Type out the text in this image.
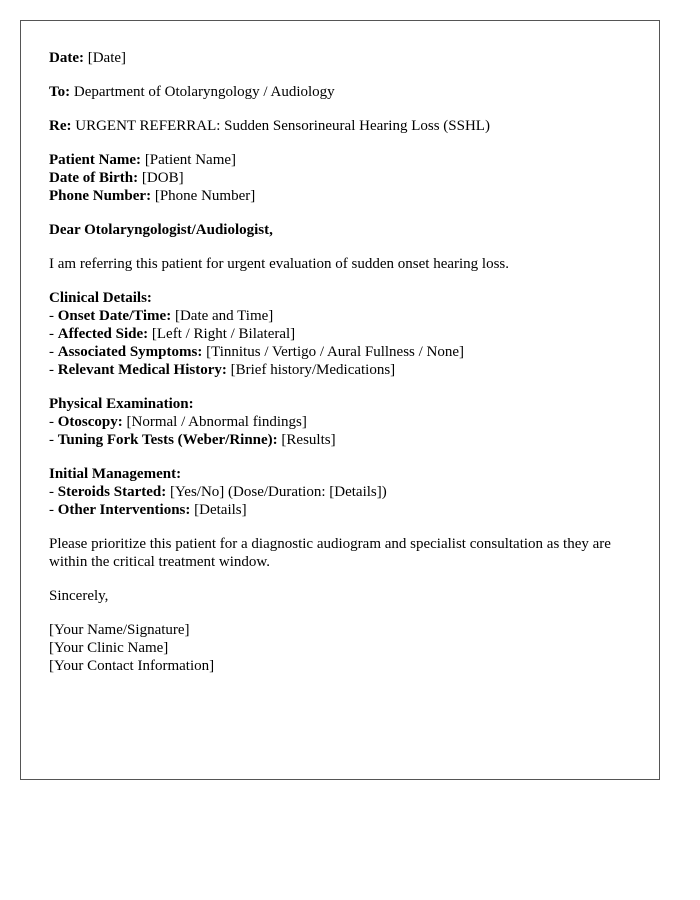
Date: [Date]

To: Department of Otolaryngology / Audiology

Re: URGENT REFERRAL: Sudden Sensorineural Hearing Loss (SSHL)

Patient Name: [Patient Name]
Date of Birth: [DOB]
Phone Number: [Phone Number]

Dear Otolaryngologist/Audiologist,

I am referring this patient for urgent evaluation of sudden onset hearing loss.

Clinical Details:
- Onset Date/Time: [Date and Time]
- Affected Side: [Left / Right / Bilateral]
- Associated Symptoms: [Tinnitus / Vertigo / Aural Fullness / None]
- Relevant Medical History: [Brief history/Medications]

Physical Examination:
- Otoscopy: [Normal / Abnormal findings]
- Tuning Fork Tests (Weber/Rinne): [Results]

Initial Management:
- Steroids Started: [Yes/No] (Dose/Duration: [Details])
- Other Interventions: [Details]

Please prioritize this patient for a diagnostic audiogram and specialist consultation as they are within the critical treatment window.

Sincerely,

[Your Name/Signature]
[Your Clinic Name]
[Your Contact Information]
